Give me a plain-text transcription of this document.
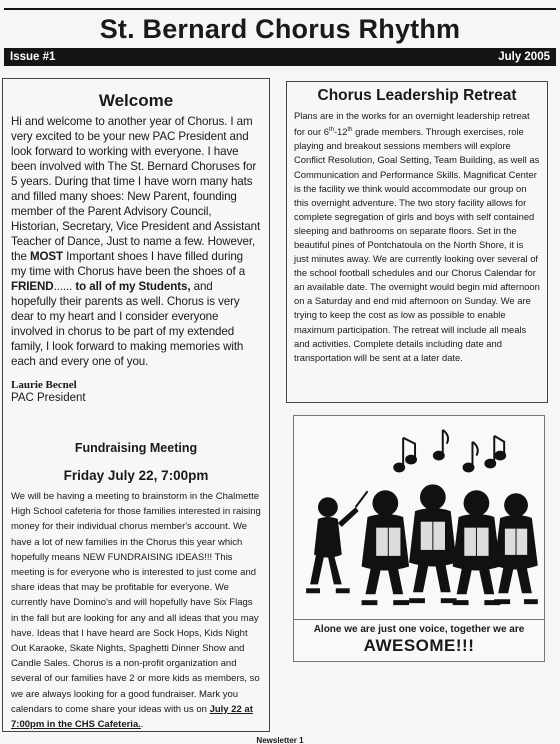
St. Bernard Chorus Rhythm
Issue #1	July 2005
Welcome
Hi and welcome to another year of Chorus. I am very excited to be your new PAC President and look forward to working with everyone. I have been involved with The St. Bernard Choruses for 5 years. During that time I have worn many hats and filled many shoes: New Parent, founding member of the Parent Advisory Council, Historian, Secretary, Vice President and Assistant Teacher of Dance, Just to name a few. However, the MOST Important shoes I have filled during my time with Chorus have been the shoes of a FRIEND...... to all of my Students, and hopefully their parents as well. Chorus is very dear to my heart and I consider everyone involved in chorus to be part of my extended family, I look forward to making memories with each and every one of you.
Laurie Becnel
PAC President
Fundraising Meeting
Friday July 22, 7:00pm
We will be having a meeting to brainstorm in the Chalmette High School cafeteria for those families interested in raising money for their individual chorus member's account. We have a lot of new families in the Chorus this year which hopefully means NEW FUNDRAISING IDEAS!!! This meeting is for everyone who is interested to just come and share ideas that may be profitable for everyone. We currently have Domino's and will hopefully have Six Flags in the fall but are looking for any and all ideas that you may have. Ideas that I have heard are Sock Hops, Kids Night Out Karaoke, Skate Nights, Spaghetti Dinner Show and Candle Sales. Chorus is a non-profit organization and several of our families have 2 or more kids as members, so we are always looking for a good fundraiser. Mark you calendars to come share your ideas with us on July 22 at 7:00pm in the CHS Cafeteria..
Chorus Leadership Retreat
Plans are in the works for an overnight leadership retreat for our 6th-12th grade members. Through exercises, role playing and breakout sessions members will explore Conflict Resolution, Goal Setting, Team Building, as well as Communication and Performance Skills. Magnificat Center is the facility we think would accommodate our group on this overnight adventure. The two story facility allows for complete segregation of girls and boys with self contained sleeping and bathrooms on separate floors. Set in the beautiful pines of Pontchatoula on the North Shore, it is just minutes away. We are currently looking over several of the school football schedules and our Chorus Calendar for an available date. The overnight would begin mid afternoon on a Saturday and end mid afternoon on Sunday. We are trying to keep the cost as low as possible to enable maximum participation. The retreat will include all meals and activities. Complete details including date and transportation will be sent at a later date.
Alone we are just one voice, together we are
AWESOME!!!
Newsletter 1
